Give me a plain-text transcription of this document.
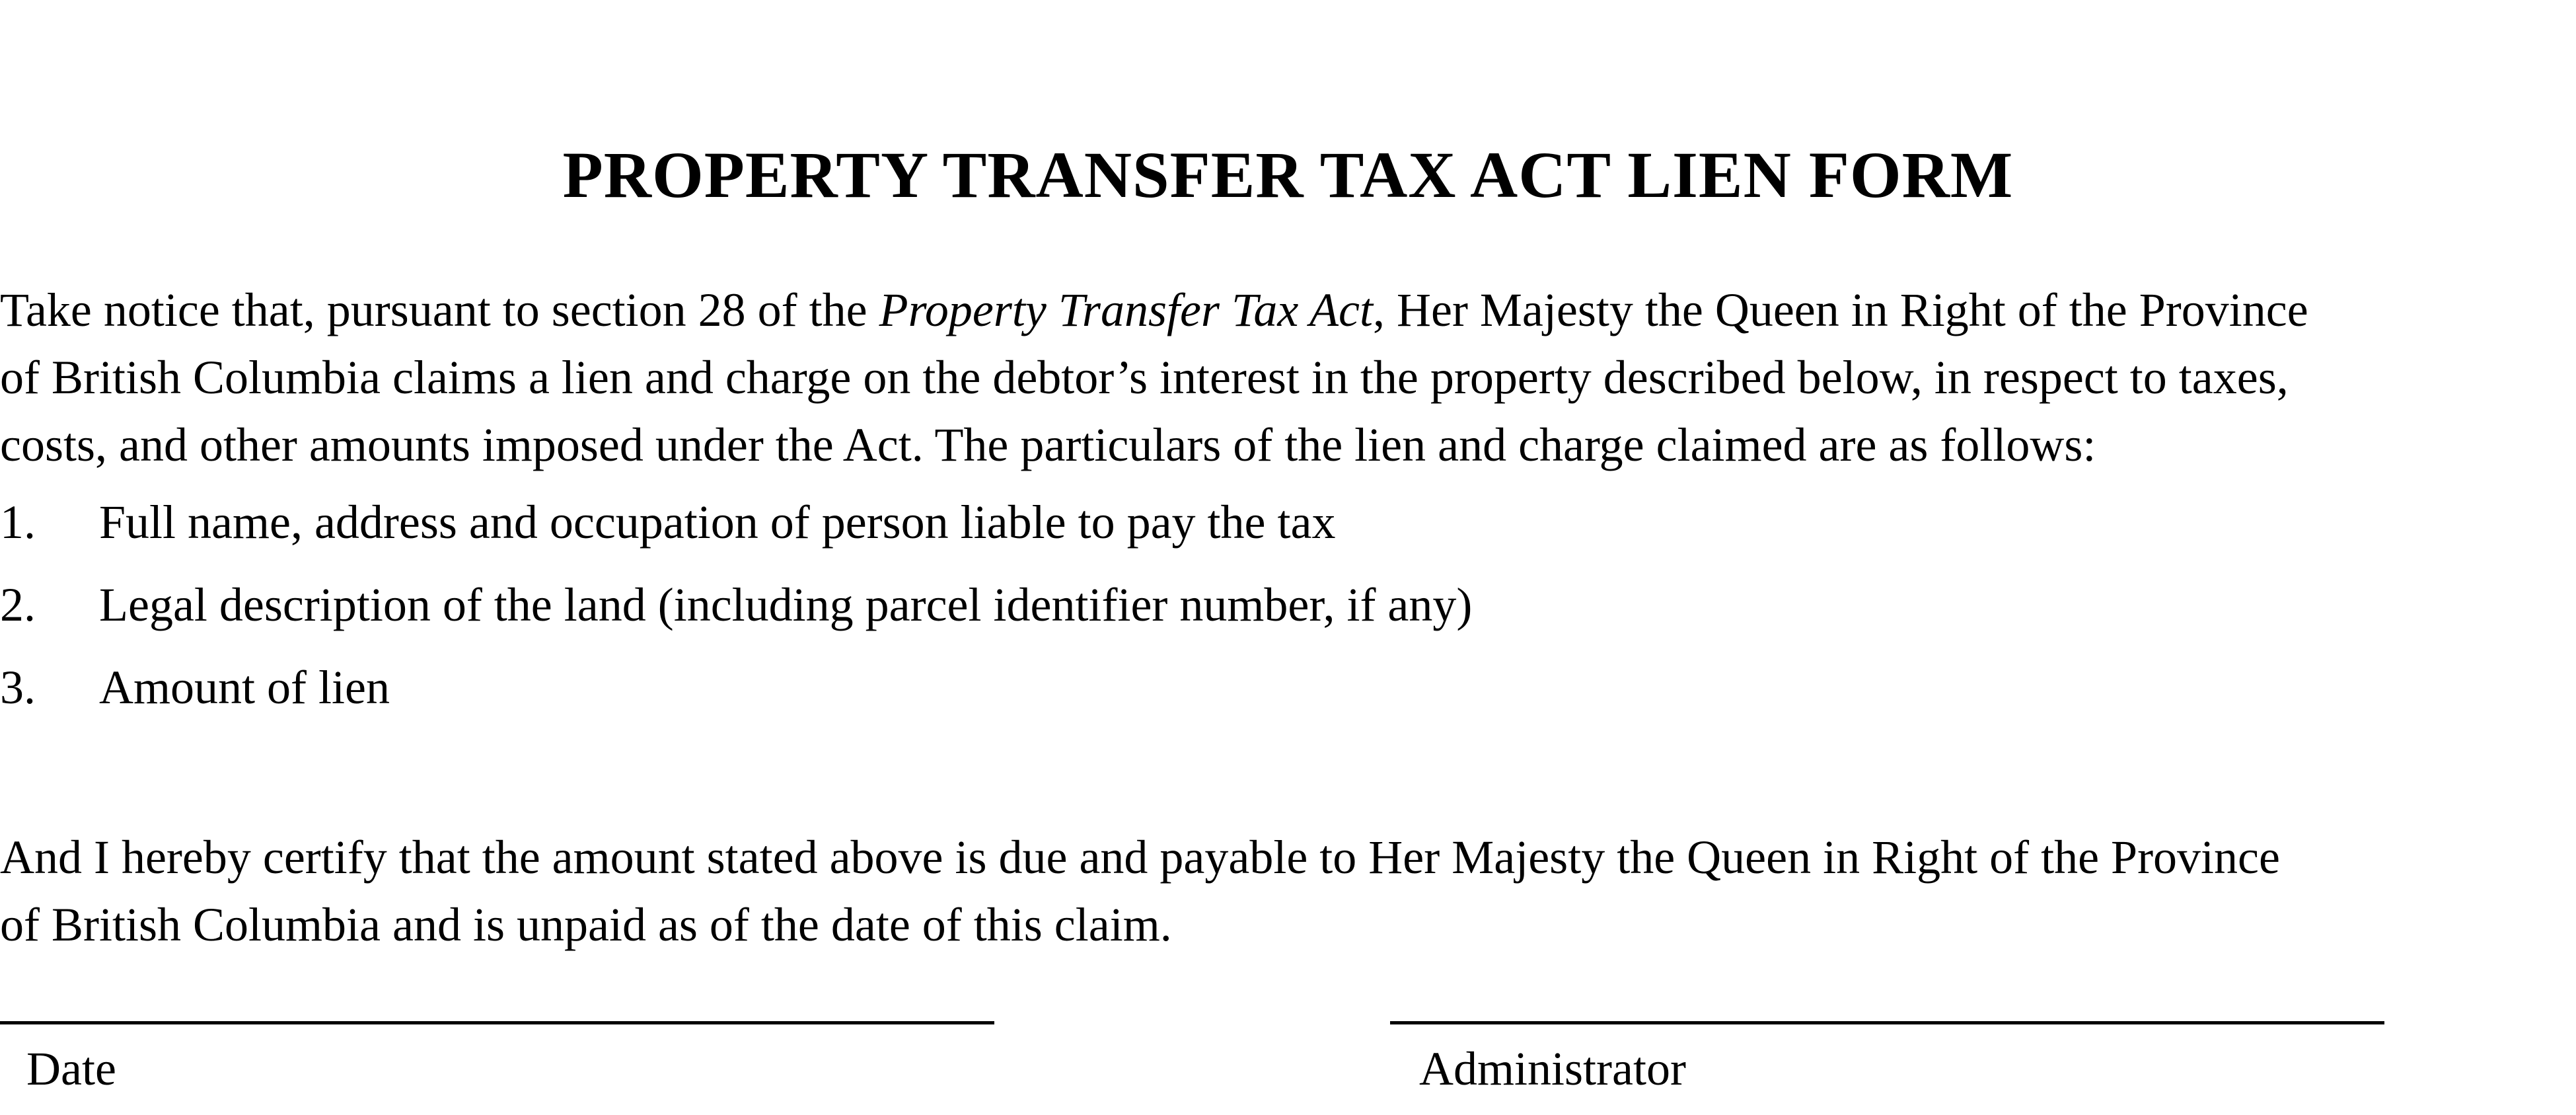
PROPERTY TRANSFER TAX ACT LIEN FORM

Take notice that, pursuant to section 28 of the Property Transfer Tax Act, Her Majesty the Queen in Right of the Province
of British Columbia claims a lien and charge on the debtor’s interest in the property described below, in respect to taxes,
costs, and other amounts imposed under the Act. The particulars of the lien and charge claimed are as follows:

1. Full name, address and occupation of person liable to pay the tax
2. Legal description of the land (including parcel identifier number, if any)
3. Amount of lien

And I hereby certify that the amount stated above is due and payable to Her Majesty the Queen in Right of the Province
of British Columbia and is unpaid as of the date of this claim.

Date	Administrator
